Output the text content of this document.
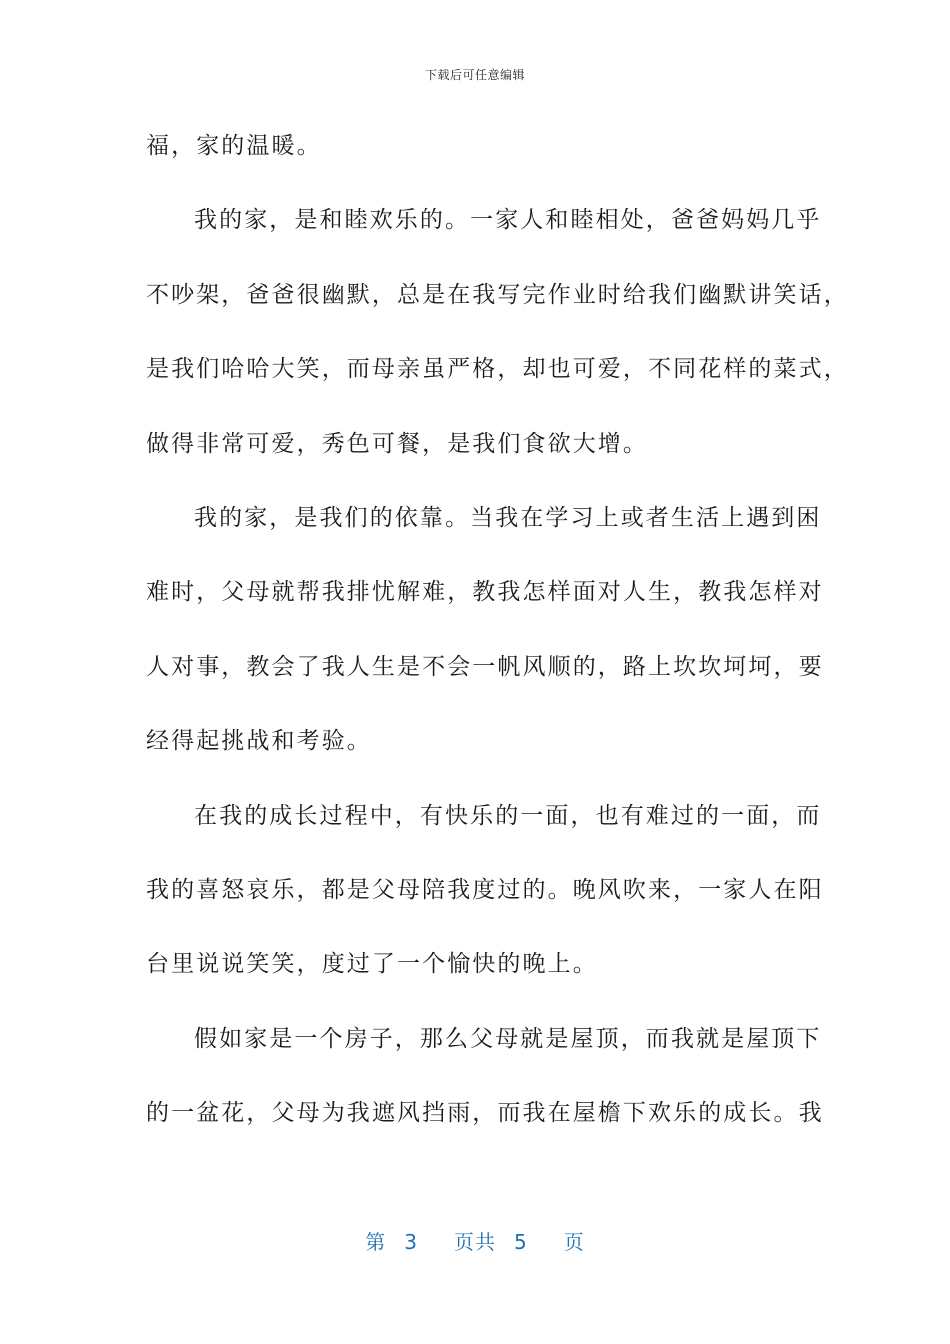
下载后可任意编辑
福，家的温暖。
我的家，是和睦欢乐的。一家人和睦相处，爸爸妈妈几乎
不吵架，爸爸很幽默，总是在我写完作业时给我们幽默讲笑话，
是我们哈哈大笑，而母亲虽严格，却也可爱，不同花样的菜式，
做得非常可爱，秀色可餐，是我们食欲大增。
我的家，是我们的依靠。当我在学习上或者生活上遇到困
难时，父母就帮我排忧解难，教我怎样面对人生，教我怎样对
人对事，教会了我人生是不会一帆风顺的，路上坎坎坷坷，要
经得起挑战和考验。
在我的成长过程中，有快乐的一面，也有难过的一面，而
我的喜怒哀乐，都是父母陪我度过的。晚风吹来，一家人在阳
台里说说笑笑，度过了一个愉快的晚上。
假如家是一个房子，那么父母就是屋顶，而我就是屋顶下
的一盆花，父母为我遮风挡雨，而我在屋檐下欢乐的成长。我
第 3 页共 5 页
